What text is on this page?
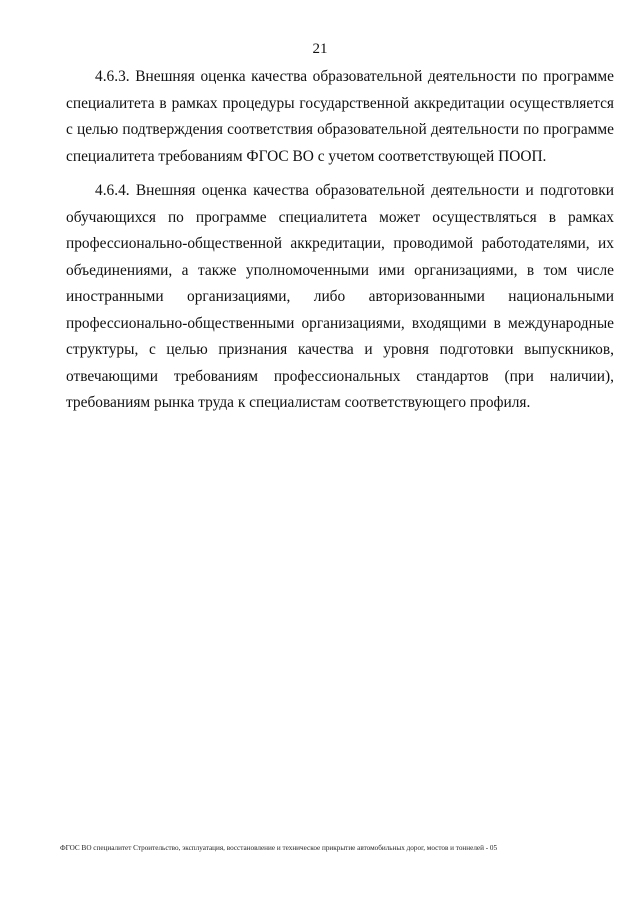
21

4.6.3. Внешняя оценка качества образовательной деятельности по программе специалитета в рамках процедуры государственной аккредитации осуществляется с целью подтверждения соответствия образовательной деятельности по программе специалитета требованиям ФГОС ВО с учетом соответствующей ПООП.

4.6.4. Внешняя оценка качества образовательной деятельности и подготовки обучающихся по программе специалитета может осуществляться в рамках профессионально-общественной аккредитации, проводимой работодателями, их объединениями, а также уполномоченными ими организациями, в том числе иностранными организациями, либо авторизованными национальными профессионально-общественными организациями, входящими в международные структуры, с целью признания качества и уровня подготовки выпускников, отвечающими требованиям профессиональных стандартов (при наличии), требованиям рынка труда к специалистам соответствующего профиля.

ФГОС ВО специалитет Строительство, эксплуатация, восстановление и техническое прикрытие автомобильных дорог, мостов и тоннелей - 05
